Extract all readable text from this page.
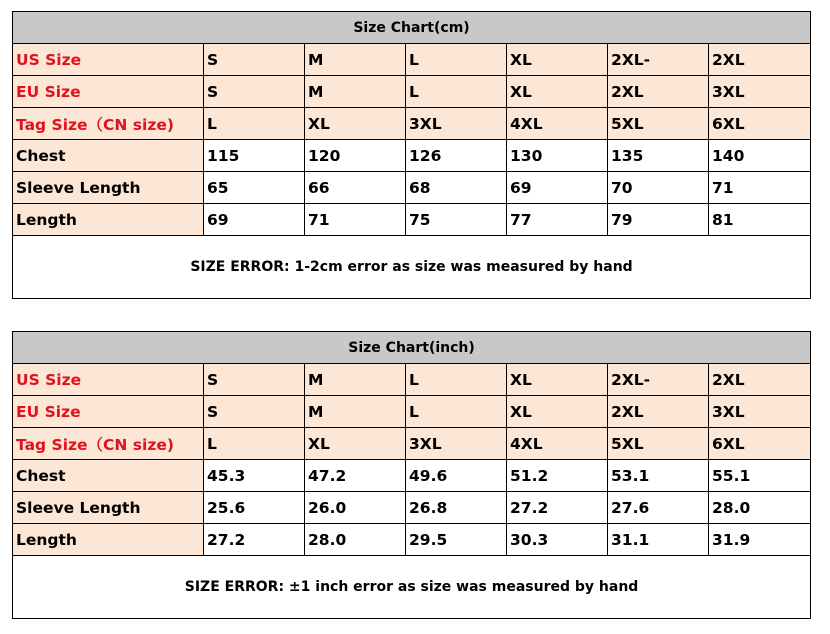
Size Chart(cm)						
US Size	S	M	L	XL	2XL-	2XL
EU Size	S	M	L	XL	2XL	3XL
Tag Size（CN size)	L	XL	3XL	4XL	5XL	6XL
Chest	115	120	126	130	135	140
Sleeve Length	65	66	68	69	70	71
Length	69	71	75	77	79	81
SIZE ERROR: 1-2cm error as size was measured by hand						
Size Chart(inch)						
US Size	S	M	L	XL	2XL-	2XL
EU Size	S	M	L	XL	2XL	3XL
Tag Size（CN size)	L	XL	3XL	4XL	5XL	6XL
Chest	45.3	47.2	49.6	51.2	53.1	55.1
Sleeve Length	25.6	26.0	26.8	27.2	27.6	28.0
Length	27.2	28.0	29.5	30.3	31.1	31.9
SIZE ERROR: ±1 inch error as size was measured by hand						
